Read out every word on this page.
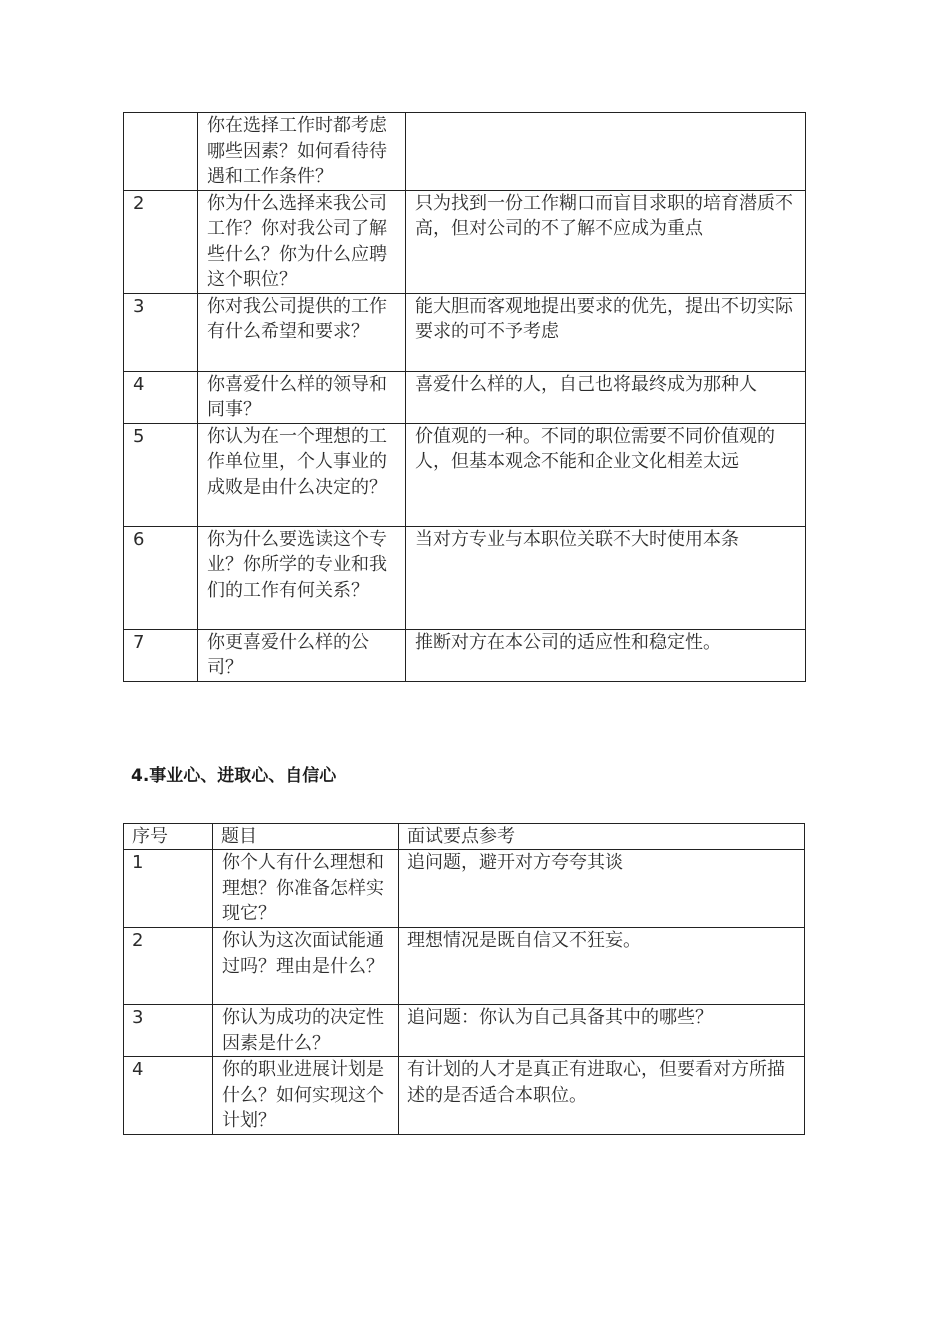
	你在选择工作时都考虑哪些因素？如何看待待遇和工作条件？	
2	你为什么选择来我公司工作？你对我公司了解些什么？你为什么应聘这个职位？	只为找到一份工作糊口而盲目求职的培育潜质不高，但对公司的不了解不应成为重点
3	你对我公司提供的工作有什么希望和要求？	能大胆而客观地提出要求的优先，提出不切实际要求的可不予考虑
4	你喜爱什么样的领导和同事？	喜爱什么样的人，自己也将最终成为那种人
5	你认为在一个理想的工作单位里，个人事业的成败是由什么决定的？	价值观的一种。不同的职位需要不同价值观的人，但基本观念不能和企业文化相差太远
6	你为什么要选读这个专业？你所学的专业和我们的工作有何关系？	当对方专业与本职位关联不大时使用本条
7	你更喜爱什么样的公司？	推断对方在本公司的适应性和稳定性。
4.事业心、进取心、自信心
序号	题目	面试要点参考
1	你个人有什么理想和理想？你准备怎样实现它？	追问题，避开对方夸夸其谈
2	你认为这次面试能通过吗？理由是什么？	理想情况是既自信又不狂妄。
3	你认为成功的决定性因素是什么？	追问题：你认为自己具备其中的哪些？
4	你的职业进展计划是什么？如何实现这个计划？	有计划的人才是真正有进取心，但要看对方所描述的是否适合本职位。
